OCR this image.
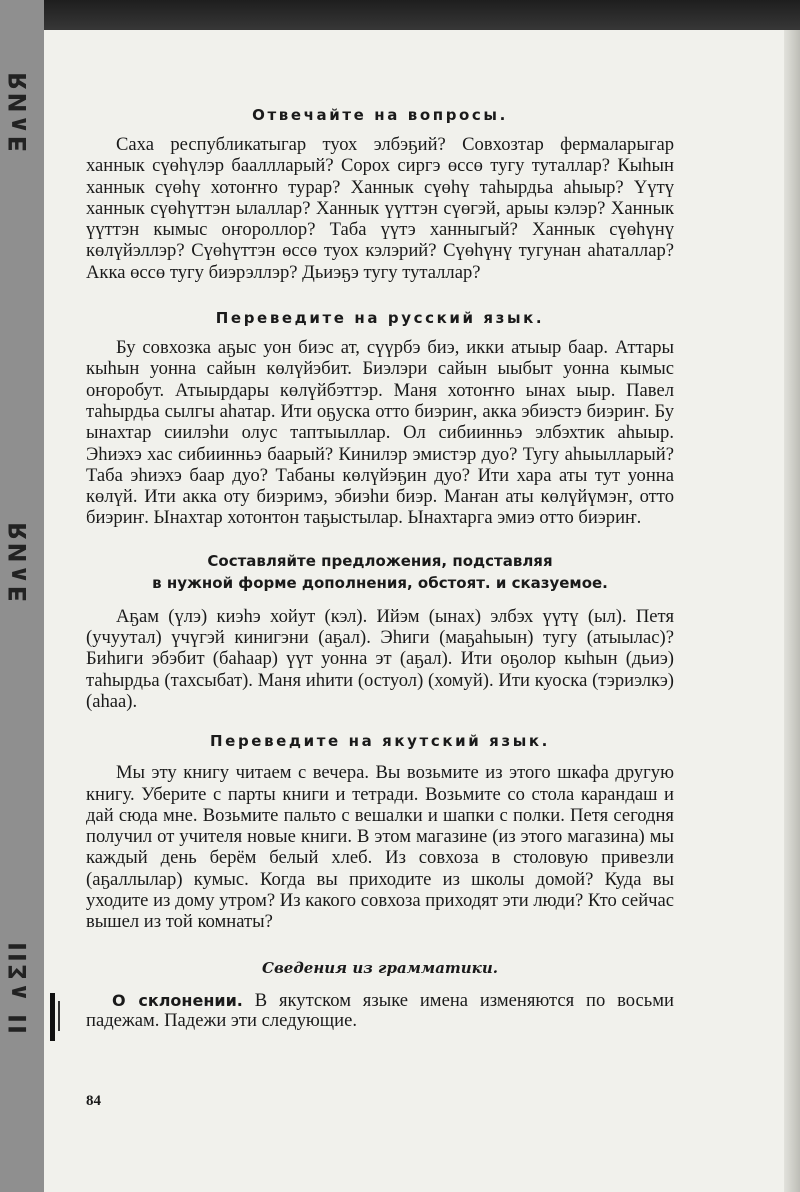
Ǝ∧NЯ
Ǝ∧NЯ
ΙΙ ∧ΣΙΙ
Отвечайте на вопросы.

Саха республикатыгар туох элбэҕий? Совхозтар фермаларыгар ханнык сүөһүлэр бааллларый? Сорох сиргэ өссө тугу туталлар? Кыһын ханнык сүөһү хотоҥҥо турар? Ханнык сүөһү таһырдьа аһыыр? Үүтү ханнык сүөһүттэн ылаллар? Ханнык үүттэн сүөгэй, арыы кэлэр? Ханнык үүттэн кымыс оҥороллор? Таба үүтэ ханныгый? Ханнык сүөһүнү көлүйэллэр? Сүөһүттэн өссө туох кэлэрий? Сүөһүнү тугунан аһаталлар? Акка өссө тугу биэрэллэр? Дьиэҕэ тугу туталлар?

Переведите на русский язык.

Бу совхозка аҕыс уон биэс ат, сүүрбэ биэ, икки атыыр баар. Аттары кыһын уонна сайын көлүйэбит. Биэлэри сайын ыыбыт уонна кымыс оҥоробут. Атыырдары көлүйбэттэр. Маня хотоҥҥо ынах ыыр. Павел таһырдьа сылгы аһатар. Ити оҕуска отто биэриҥ, акка эбиэстэ биэриҥ. Бу ынахтар сиилэһи олус таптыыллар. Ол сибиинньэ элбэхтик аһыыр. Эһиэхэ хас сибиинньэ баарый? Кинилэр эмистэр дуо? Тугу аһыылларый? Таба эһиэхэ баар дуо? Табаны көлүйэҕин дуо? Ити хара аты тут уонна көлүй. Ити акка оту биэримэ, эбиэһи биэр. Маҥан аты көлүйүмэҥ, отто биэриҥ. Ынахтар хотонтон таҕыстылар. Ынахтарга эмиэ отто биэриҥ.

Составляйте предложения, подставляя
в нужной форме дополнения, обстоят. и сказуемое.

Аҕам (үлэ) киэһэ хойут (кэл). Ийэм (ынах) элбэх үүтү (ыл). Петя (учуутал) үчүгэй кинигэни (аҕал). Эһиги (маҕаһыын) тугу (атыылас)? Биһиги эбэбит (баһаар) үүт уонна эт (аҕал). Ити оҕолор кыһын (дьиэ) таһырдьа (тахсыбат). Маня иһити (остуол) (хомуй). Ити куоска (тэриэлкэ) (аһаа).

Переведите на якутский язык.

Мы эту книгу читаем с вечера. Вы возьмите из этого шкафа другую книгу. Уберите с парты книги и тетради. Возьмите со стола карандаш и дай сюда мне. Возьмите пальто с вешалки и шапки с полки. Петя сегодня получил от учителя новые книги. В этом магазине (из этого магазина) мы каждый день берём белый хлеб. Из совхоза в столовую привезли (аҕаллылар) кумыс. Когда вы приходите из школы домой? Куда вы уходите из дому утром? Из какого совхоза приходят эти люди? Кто сейчас вышел из той комнаты?

Сведения из грамматики.

О склонении. В якутском языке имена изменяются по восьми падежам. Падежи эти следующие.

84
